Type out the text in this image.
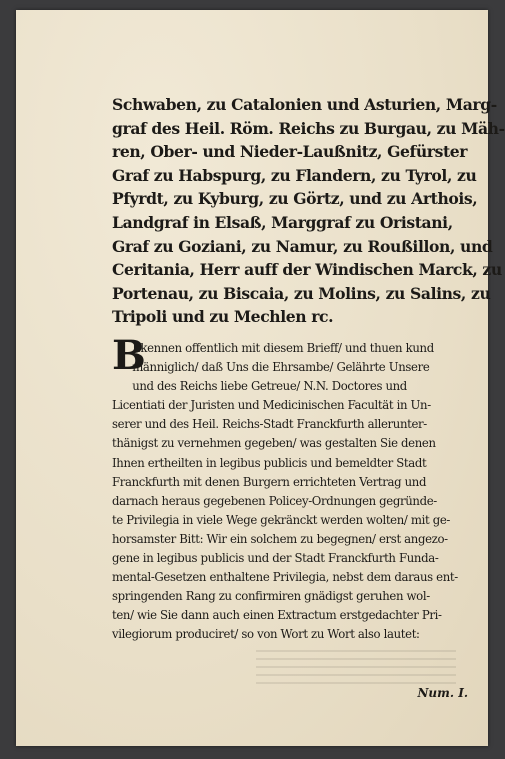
Schwaben, zu Catalonien und Asturien, Marg-
graf des Heil. Röm. Reichs zu Burgau, zu Mäh-
ren, Ober- und Nieder-Laußnitz, Gefürster
Graf zu Habspurg, zu Flandern, zu Tyrol, zu
Pfyrdt, zu Kyburg, zu Görtz, und zu Arthois,
Landgraf in Elsaß, Marggraf zu Oristani,
Graf zu Goziani, zu Namur, zu Roußillon, und
Ceritania, Herr auff der Windischen Marck, zu
Portenau, zu Biscaia, zu Molins, zu Salins, zu
Tripoli und zu Mechlen rc.
B
Ekennen offentlich mit diesem Brieff/ und thuen kund
männiglich/ daß Uns die Ehrsambe/ Gelährte Unsere
und des Reichs liebe Getreue/ N.N. Doctores und
Licentiati der Juristen und Medicinischen Facultät in Un-
serer und des Heil. Reichs-Stadt Franckfurth allerunter-
thänigst zu vernehmen gegeben/ was gestalten Sie denen
Ihnen ertheilten in legibus publicis und bemeldter Stadt
Franckfurth mit denen Burgern errichteten Vertrag und
darnach heraus gegebenen Policey-Ordnungen gegründe-
te Privilegia in viele Wege gekränckt werden wolten/ mit ge-
horsamster Bitt: Wir ein solchem zu begegnen/ erst angezo-
gene in legibus publicis und der Stadt Franckfurth Fundа-
mental-Gesetzen enthaltene Privilegia, nebst dem daraus ent-
springenden Rang zu confirmiren gnädigst geruhen wol-
ten/ wie Sie dann auch einen Extractum erstgedachter Pri-
vilegiorum produciret/ so von Wort zu Wort also lautet:
Num. I.
